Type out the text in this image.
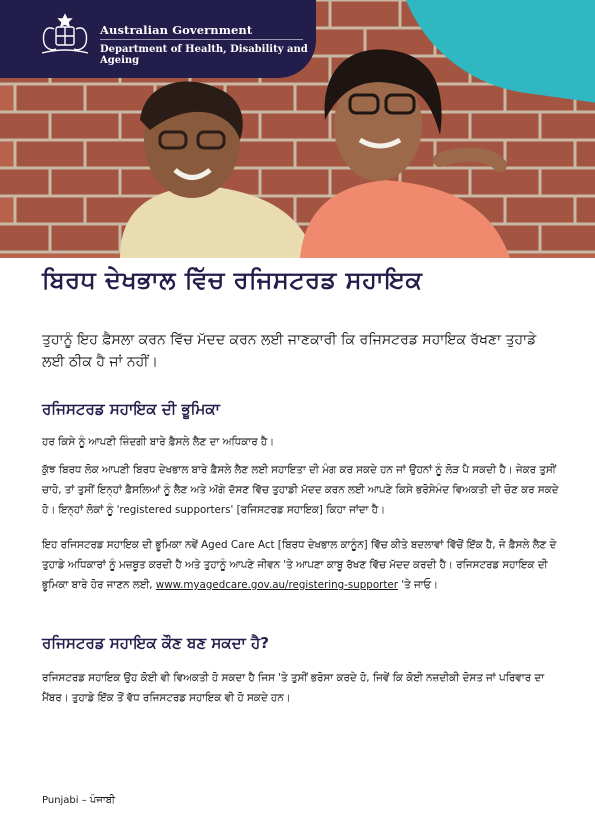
Australian Government
Department of Health, Disability and Ageing
ਬਿਰਧ ਦੇਖਭਾਲ ਵਿੱਚ ਰਜਿਸਟਰਡ ਸਹਾਇਕ
ਤੁਹਾਨੂੰ ਇਹ ਫ਼ੈਸਲਾ ਕਰਨ ਵਿੱਚ ਮੱਦਦ ਕਰਨ ਲਈ ਜਾਣਕਾਰੀ ਕਿ ਰਜਿਸਟਰਡ ਸਹਾਇਕ ਰੱਖਣਾ ਤੁਹਾਡੇ ਲਈ ਠੀਕ ਹੈ ਜਾਂ ਨਹੀਂ।
ਰਜਿਸਟਰਡ ਸਹਾਇਕ ਦੀ ਭੂਮਿਕਾ
ਹਰ ਕਿਸੇ ਨੂੰ ਆਪਣੀ ਜ਼ਿੰਦਗੀ ਬਾਰੇ ਫ਼ੈਸਲੇ ਲੈਣ ਦਾ ਅਧਿਕਾਰ ਹੈ।
ਕੁੱਝ ਬਿਰਧ ਲੋਕ ਆਪਣੀ ਬਿਰਧ ਦੇਖਭਾਲ ਬਾਰੇ ਫ਼ੈਸਲੇ ਲੈਣ ਲਈ ਸਹਾਇਤਾ ਦੀ ਮੰਗ ਕਰ ਸਕਦੇ ਹਨ ਜਾਂ ਉਹਨਾਂ ਨੂੰ ਲੋੜ ਪੈ ਸਕਦੀ ਹੈ। ਜੇਕਰ ਤੁਸੀਂ ਚਾਹੋ, ਤਾਂ ਤੁਸੀਂ ਇਨ੍ਹਾਂ ਫ਼ੈਸਲਿਆਂ ਨੂੰ ਲੈਣ ਅਤੇ ਅੱਗੇ ਦੱਸਣ ਵਿੱਚ ਤੁਹਾਡੀ ਮੱਦਦ ਕਰਨ ਲਈ ਆਪਣੇ ਕਿਸੇ ਭਰੋਸੇਮੰਦ ਵਿਅਕਤੀ ਦੀ ਚੋਣ ਕਰ ਸਕਦੇ ਹੋ। ਇਨ੍ਹਾਂ ਲੋਕਾਂ ਨੂੰ 'registered supporters' [ਰਜਿਸਟਰਡ ਸਹਾਇਕ] ਕਿਹਾ ਜਾਂਦਾ ਹੈ।
ਇਹ ਰਜਿਸਟਰਡ ਸਹਾਇਕ ਦੀ ਭੂਮਿਕਾ ਨਵੇਂ Aged Care Act [ਬਿਰਧ ਦੇਖਭਾਲ ਕਾਨੂੰਨ] ਵਿੱਚ ਕੀਤੇ ਬਦਲਾਵਾਂ ਵਿੱਚੋਂ ਇੱਕ ਹੈ, ਜੋ ਫ਼ੈਸਲੇ ਲੈਣ ਦੇ ਤੁਹਾਡੇ ਅਧਿਕਾਰਾਂ ਨੂੰ ਮਜ਼ਬੂਤ ਕਰਦੀ ਹੈ ਅਤੇ ਤੁਹਾਨੂੰ ਆਪਣੇ ਜੀਵਨ 'ਤੇ ਆਪਣਾ ਕਾਬੂ ਰੱਖਣ ਵਿੱਚ ਮੱਦਦ ਕਰਦੀ ਹੈ। ਰਜਿਸਟਰਡ ਸਹਾਇਕ ਦੀ ਭੂਮਿਕਾ ਬਾਰੇ ਹੋਰ ਜਾਣਨ ਲਈ, www.myagedcare.gov.au/registering-supporter 'ਤੇ ਜਾਓ।
ਰਜਿਸਟਰਡ ਸਹਾਇਕ ਕੌਣ ਬਣ ਸਕਦਾ ਹੈ?
ਰਜਿਸਟਰਡ ਸਹਾਇਕ ਉਹ ਕੋਈ ਵੀ ਵਿਅਕਤੀ ਹੋ ਸਕਦਾ ਹੈ ਜਿਸ 'ਤੇ ਤੁਸੀਂ ਭਰੋਸਾ ਕਰਦੇ ਹੋ, ਜਿਵੇਂ ਕਿ ਕੋਈ ਨਜ਼ਦੀਕੀ ਦੋਸਤ ਜਾਂ ਪਰਿਵਾਰ ਦਾ ਮੈਂਬਰ। ਤੁਹਾਡੇ ਇੱਕ ਤੋਂ ਵੱਧ ਰਜਿਸਟਰਡ ਸਹਾਇਕ ਵੀ ਹੋ ਸਕਦੇ ਹਨ।
Punjabi – ਪੰਜਾਬੀ
